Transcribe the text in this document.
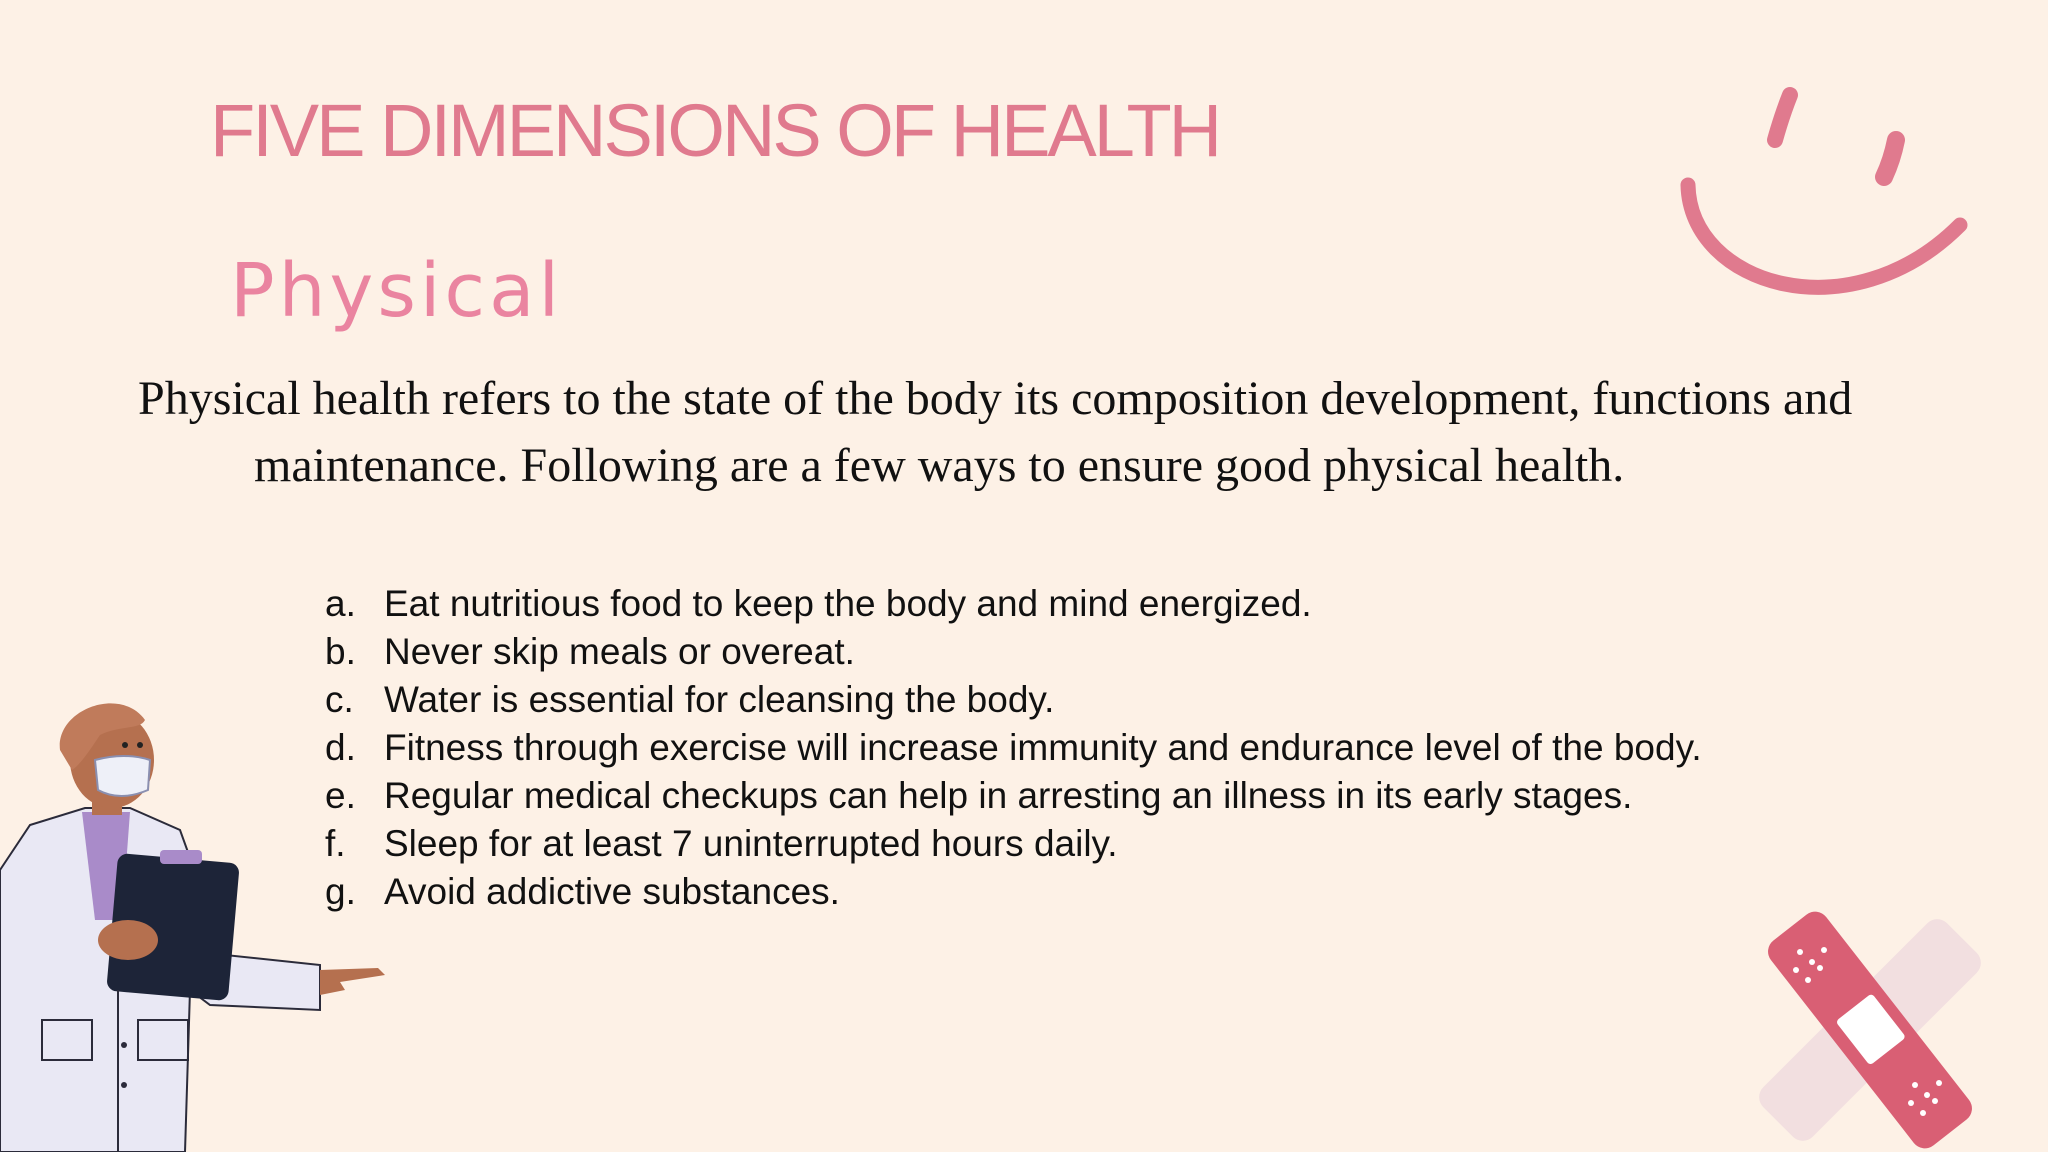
FIVE DIMENSIONS OF HEALTH
Physical

Physical health refers to the state of the body its composition development, functions and maintenance. Following are a few ways to ensure good physical health.

a. Eat nutritious food to keep the body and mind energized.
b. Never skip meals or overeat.
c. Water is essential for cleansing the body.
d. Fitness through exercise will increase immunity and endurance level of the body.
e. Regular medical checkups can help in arresting an illness in its early stages.
f. Sleep for at least 7 uninterrupted hours daily.
g. Avoid addictive substances.
